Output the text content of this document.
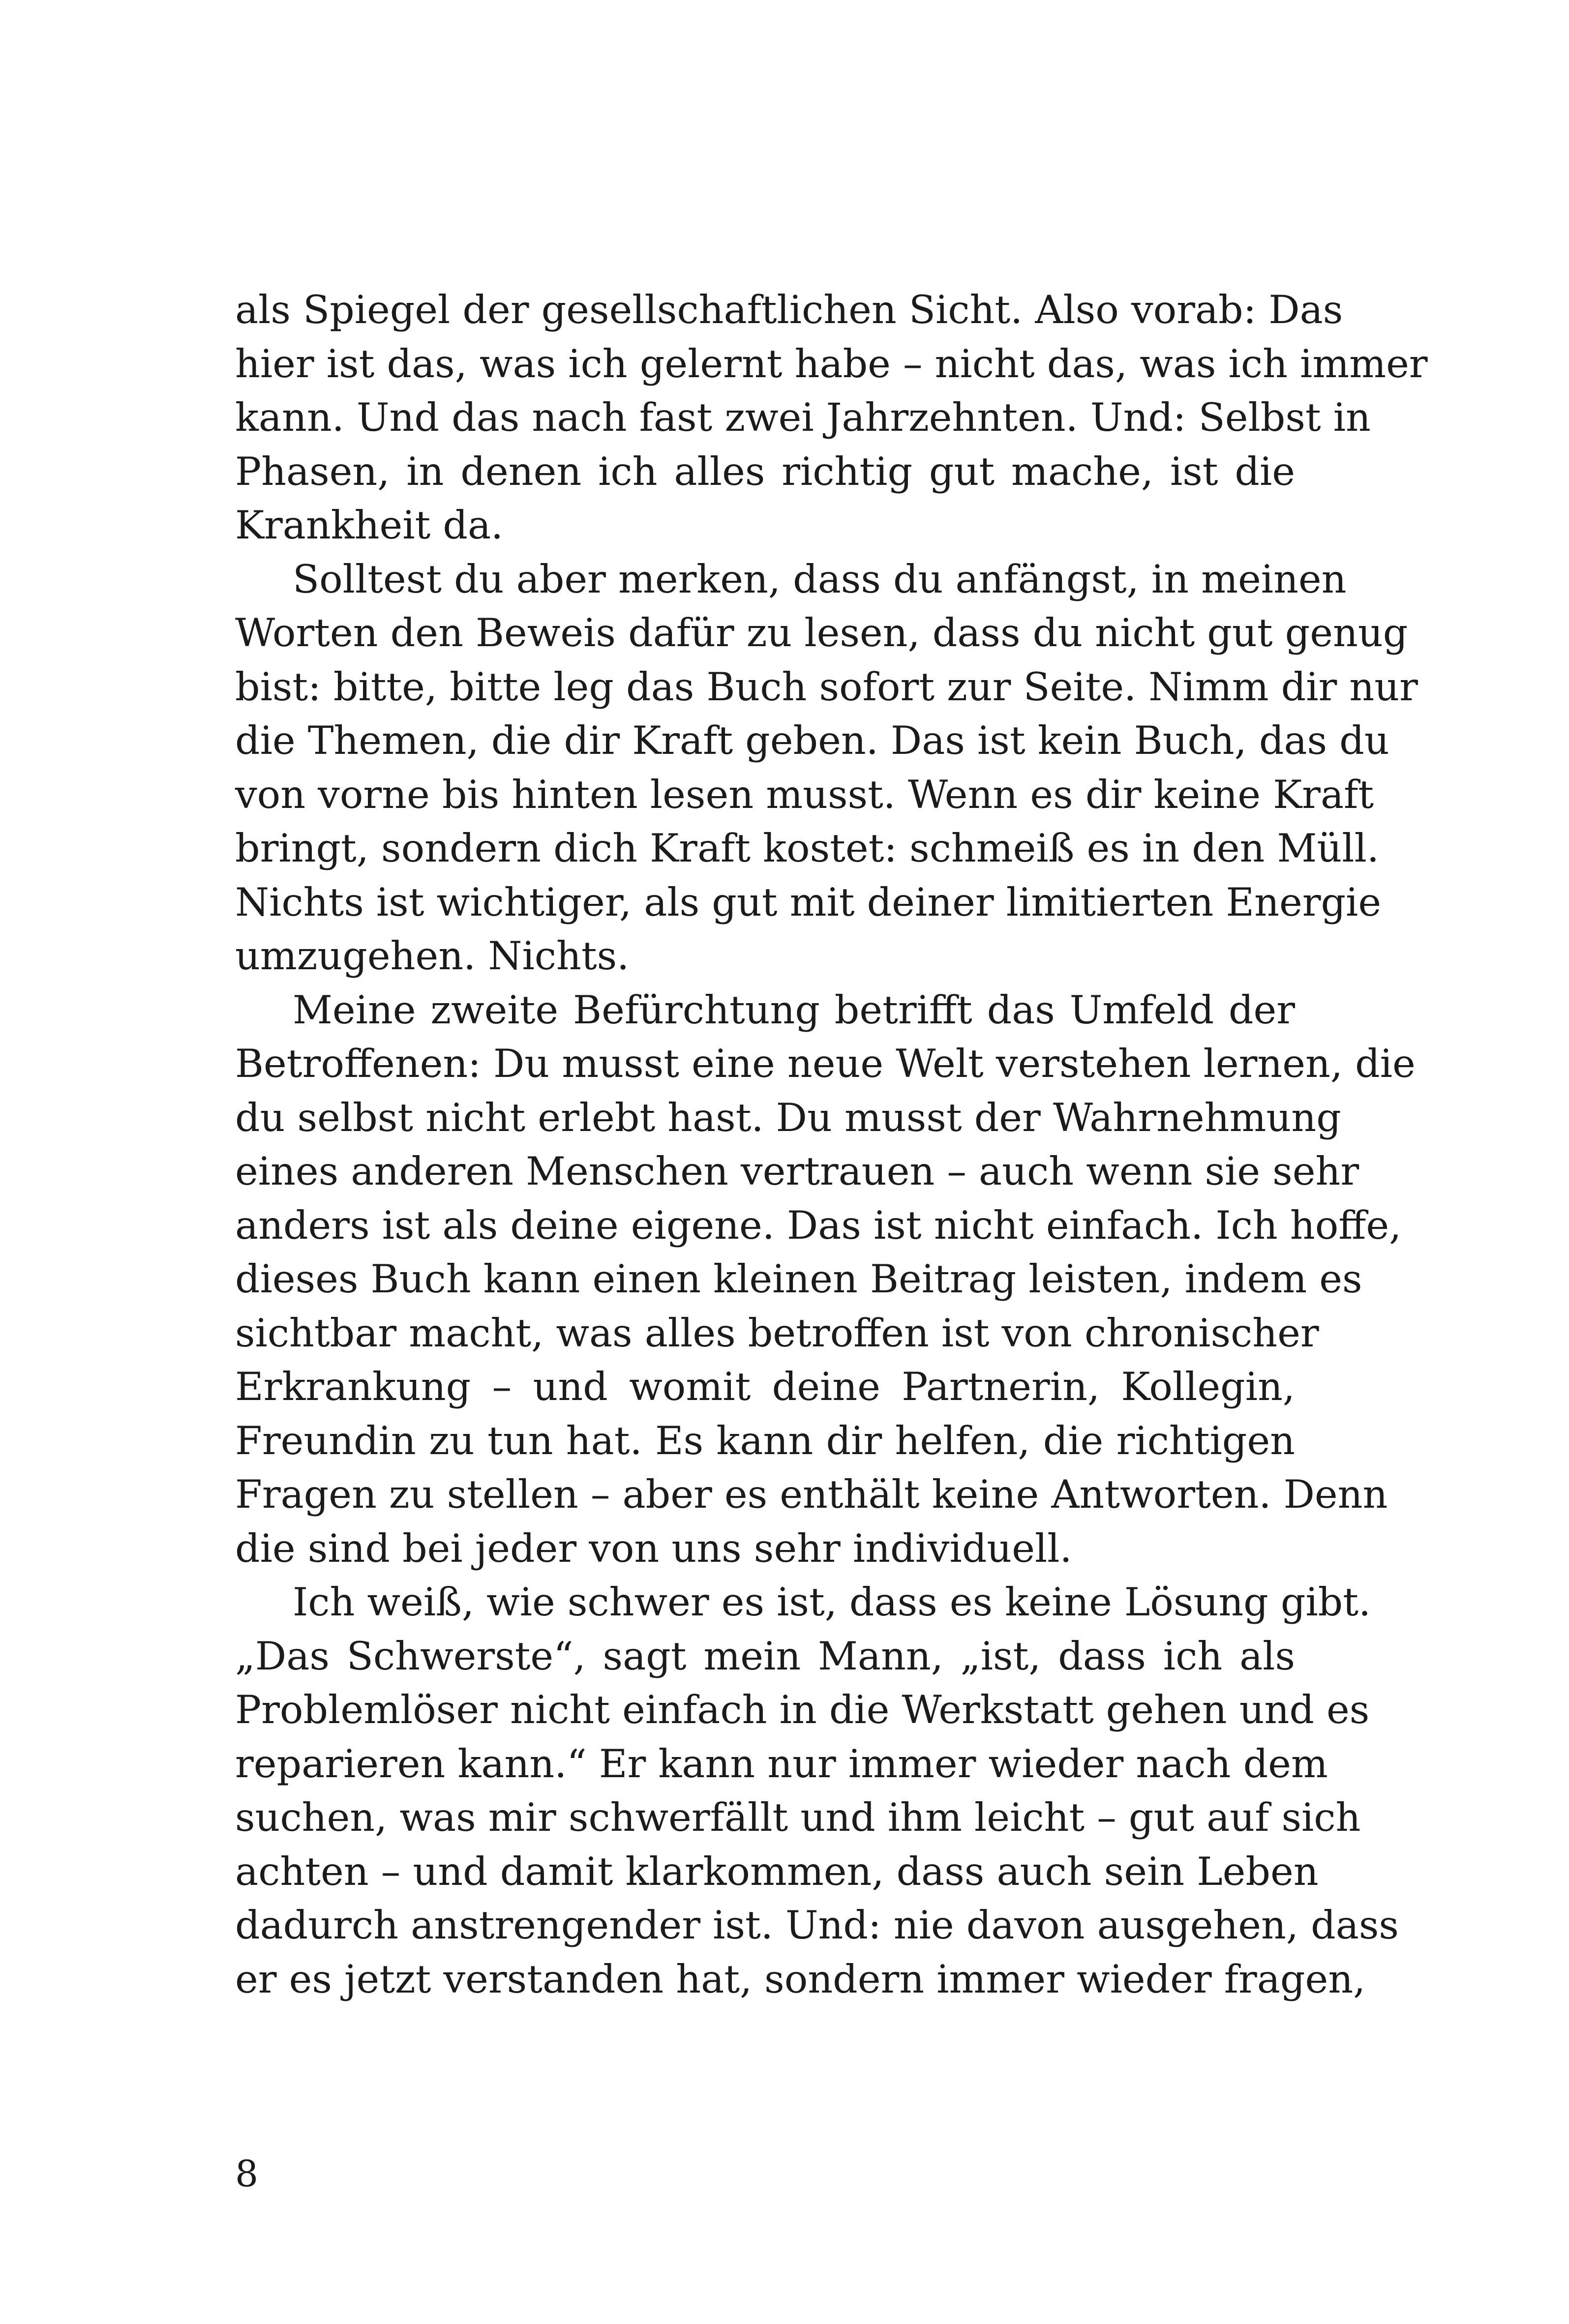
als Spiegel der gesellschaftlichen Sicht. Also vorab: Das
hier ist das, was ich gelernt habe – nicht das, was ich immer
kann. Und das nach fast zwei Jahrzehnten. Und: Selbst in
Phasen, in denen ich alles richtig gut mache, ist die
Krankheit da.
Solltest du aber merken, dass du anfängst, in meinen
Worten den Beweis dafür zu lesen, dass du nicht gut genug
bist: bitte, bitte leg das Buch sofort zur Seite. Nimm dir nur
die Themen, die dir Kraft geben. Das ist kein Buch, das du
von vorne bis hinten lesen musst. Wenn es dir keine Kraft
bringt, sondern dich Kraft kostet: schmeiß es in den Müll.
Nichts ist wichtiger, als gut mit deiner limitierten Energie
umzugehen. Nichts.
Meine zweite Befürchtung betrifft das Umfeld der
Betroffenen: Du musst eine neue Welt verstehen lernen, die
du selbst nicht erlebt hast. Du musst der Wahrnehmung
eines anderen Menschen vertrauen – auch wenn sie sehr
anders ist als deine eigene. Das ist nicht einfach. Ich hoffe,
dieses Buch kann einen kleinen Beitrag leisten, indem es
sichtbar macht, was alles betroffen ist von chronischer
Erkrankung – und womit deine Partnerin, Kollegin,
Freundin zu tun hat. Es kann dir helfen, die richtigen
Fragen zu stellen – aber es enthält keine Antworten. Denn
die sind bei jeder von uns sehr individuell.
Ich weiß, wie schwer es ist, dass es keine Lösung gibt.
„Das Schwerste“, sagt mein Mann, „ist, dass ich als
Problemlöser nicht einfach in die Werkstatt gehen und es
reparieren kann.“ Er kann nur immer wieder nach dem
suchen, was mir schwerfällt und ihm leicht – gut auf sich
achten – und damit klarkommen, dass auch sein Leben
dadurch anstrengender ist. Und: nie davon ausgehen, dass
er es jetzt verstanden hat, sondern immer wieder fragen,
8
